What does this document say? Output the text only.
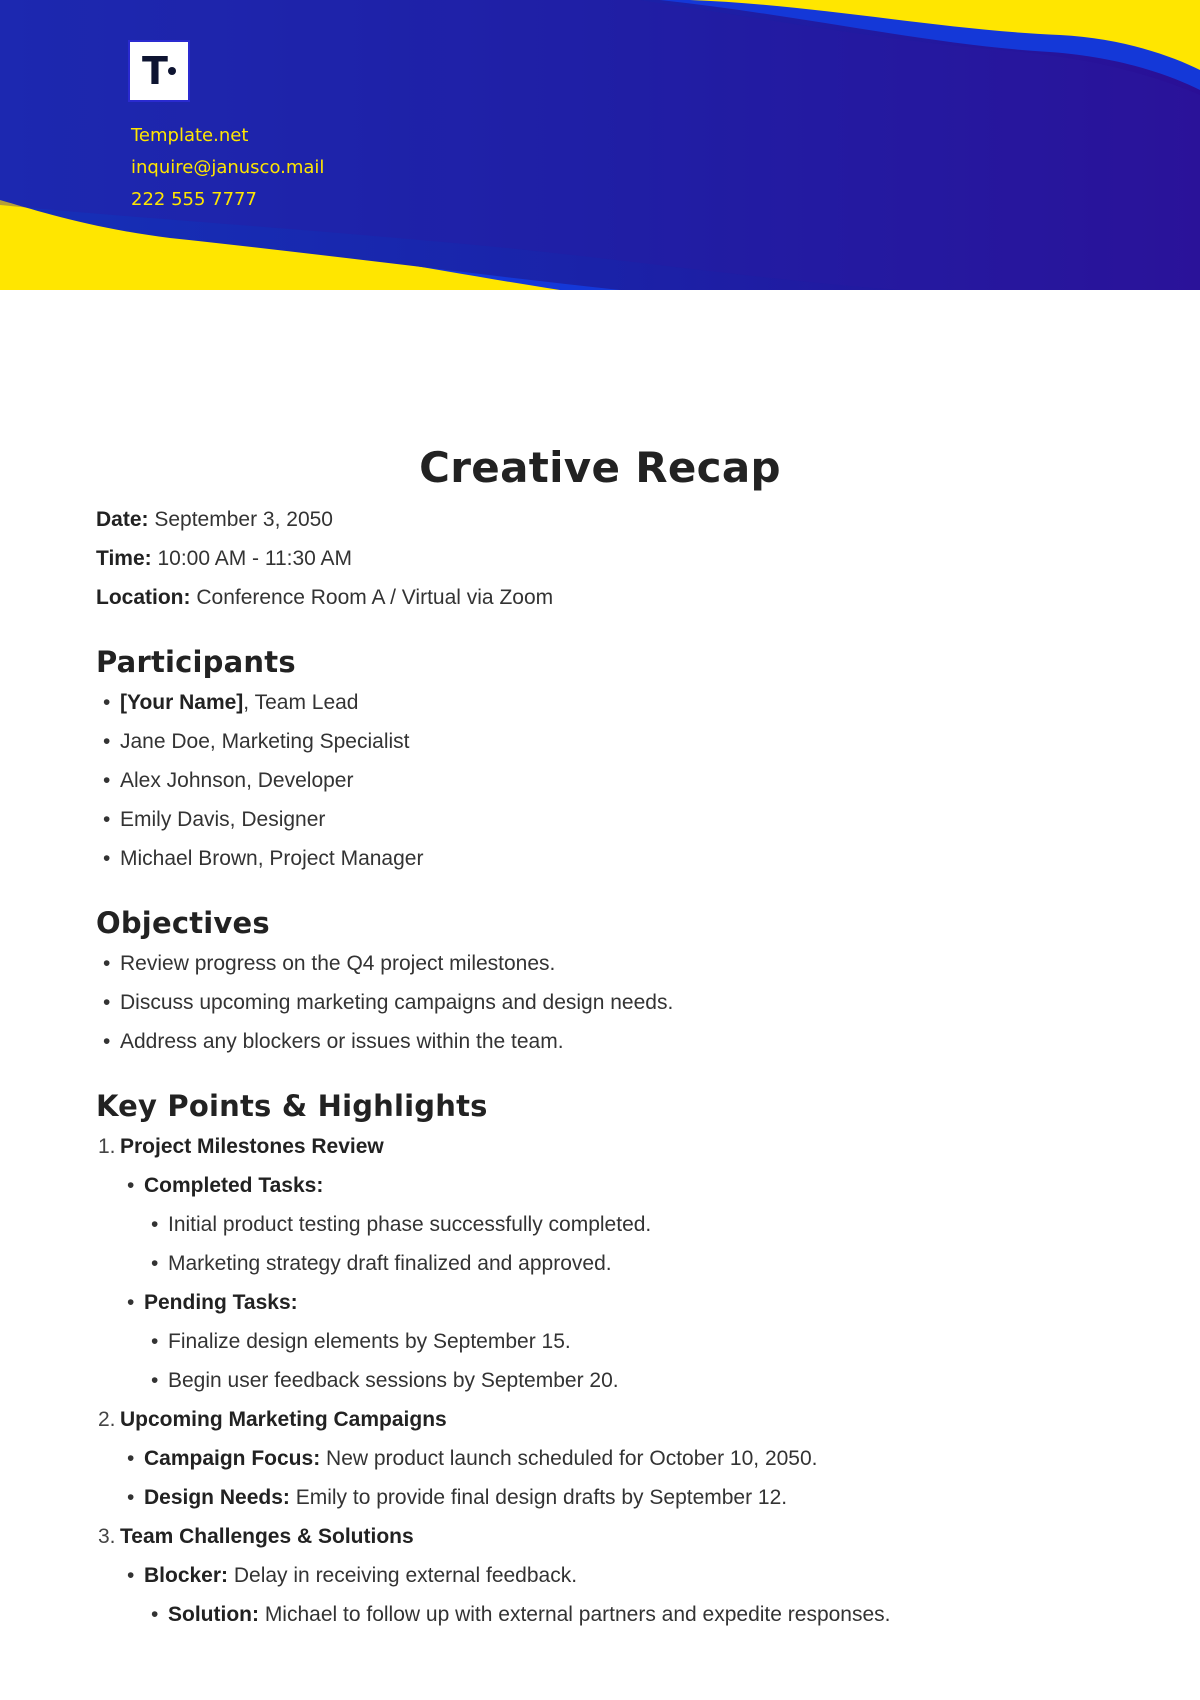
T
Template.net
inquire@janusco.mail
222 555 7777
Creative Recap
Date: September 3, 2050
Time: 10:00 AM - 11:30 AM
Location: Conference Room A / Virtual via Zoom
Participants
• [Your Name], Team Lead
• Jane Doe, Marketing Specialist
• Alex Johnson, Developer
• Emily Davis, Designer
• Michael Brown, Project Manager
Objectives
• Review progress on the Q4 project milestones.
• Discuss upcoming marketing campaigns and design needs.
• Address any blockers or issues within the team.
Key Points & Highlights
1. Project Milestones Review
• Completed Tasks:
• Initial product testing phase successfully completed.
• Marketing strategy draft finalized and approved.
• Pending Tasks:
• Finalize design elements by September 15.
• Begin user feedback sessions by September 20.
2. Upcoming Marketing Campaigns
• Campaign Focus: New product launch scheduled for October 10, 2050.
• Design Needs: Emily to provide final design drafts by September 12.
3. Team Challenges & Solutions
• Blocker: Delay in receiving external feedback.
• Solution: Michael to follow up with external partners and expedite responses.
